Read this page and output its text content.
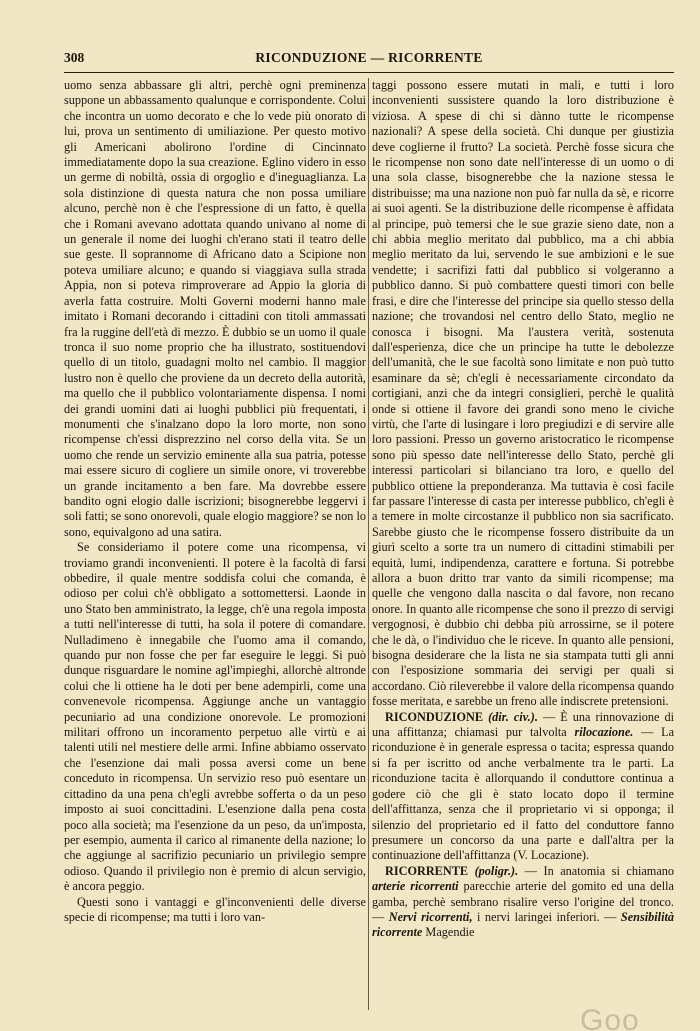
308	RICONDUZIONE — RICORRENTE

uomo senza abbassare gli altri, perchè ogni preminenza suppone un abbassamento qualunque e corrispondente. Colui che incontra un uomo decorato e che lo vede più onorato di lui, prova un sentimento di umiliazione. Per questo motivo gli Americani abolirono l'ordine di Cincinnato immediatamente dopo la sua creazione. Eglino videro in esso un germe di nobiltà, ossia di orgoglio e d'ineguaglianza. La sola distinzione di questa natura che non possa umiliare alcuno, perchè non è che l'espressione di un fatto, è quella che i Romani avevano adottata quando univano al nome di un generale il nome dei luoghi ch'erano stati il teatro delle sue geste. Il soprannome di Africano dato a Scipione non poteva umiliare alcuno; e quando si viaggiava sulla strada Appia, non si poteva rimproverare ad Appio la gloria di averla fatta costruire. Molti Governi moderni hanno male imitato i Romani decorando i cittadini con titoli ammassati fra la ruggine dell'età di mezzo. È dubbio se un uomo il quale tronca il suo nome proprio che ha illustrato, sostituendovi quello di un titolo, guadagni molto nel cambio. Il maggior lustro non è quello che proviene da un decreto della autorità, ma quello che il pubblico volontariamente dispensa. I nomi dei grandi uomini dati ai luoghi pubblici più frequentati, i monumenti che s'inalzano dopo la loro morte, non sono ricompense ch'essi disprezzino nel corso della vita. Se un uomo che rende un servizio eminente alla sua patria, potesse mai essere sicuro di cogliere un simile onore, vi troverebbe un grande incitamento a ben fare. Ma dovrebbe essere bandito ogni elogio dalle iscrizioni; bisognerebbe leggervi i soli fatti; se sono onorevoli, quale elogio maggiore? se non lo sono, equivalgono ad una satira.

Se consideriamo il potere come una ricompensa, vi troviamo grandi inconvenienti. Il potere è la facoltà di farsi obbedire, il quale mentre soddisfa colui che comanda, è odioso per colui ch'è obbligato a sottomettersi. Laonde in uno Stato ben amministrato, la legge, ch'è una regola imposta a tutti nell'interesse di tutti, ha sola il potere di comandare. Nulladimeno è innegabile che l'uomo ama il comando, quando pur non fosse che per far eseguire le leggi. Si può dunque risguardare le nomine agl'impieghi, allorchè altronde colui che li ottiene ha le doti per bene adempirli, come una convenevole ricompensa. Aggiunge anche un vantaggio pecuniario ad una condizione onorevole. Le promozioni militari offrono un incoramento perpetuo alle virtù e ai talenti utili nel mestiere delle armi. Infine abbiamo osservato che l'esenzione dai mali possa aversi come un bene conceduto in ricompensa. Un servizio reso può esentare un cittadino da una pena ch'egli avrebbe sofferta o da un peso imposto ai suoi concittadini. L'esenzione dalla pena costa poco alla società; ma l'esenzione da un peso, da un'imposta, per esempio, aumenta il carico al rimanente della nazione; lo che aggiunge al sacrifizio pecuniario un privilegio sempre odioso. Quando il privilegio non è premio di alcun servigio, è ancora peggio.

Questi sono i vantaggi e gl'inconvenienti delle diverse specie di ricompense; ma tutti i loro van-

taggi possono essere mutati in mali, e tutti i loro inconvenienti sussistere quando la loro distribuzione è viziosa. A spese di chi si dànno tutte le ricompense nazionali? A spese della società. Chi dunque per giustizia deve coglierne il frutto? La società. Perchè fosse sicura che le ricompense non sono date nell'interesse di un uomo o di una sola classe, bisognerebbe che la nazione stessa le distribuisse; ma una nazione non può far nulla da sè, e ricorre ai suoi agenti. Se la distribuzione delle ricompense è affidata al principe, può temersi che le sue grazie sieno date, non a chi abbia meglio meritato dal pubblico, ma a chi abbia meglio meritato da lui, servendo le sue ambizioni e le sue vendette; i sacrifizi fatti dal pubblico si volgeranno a pubblico danno. Si può combattere questi timori con belle frasi, e dire che l'interesse del principe sia quello stesso della nazione; che trovandosi nel centro dello Stato, meglio ne conosca i bisogni. Ma l'austera verità, sostenuta dall'esperienza, dice che un principe ha tutte le debolezze dell'umanità, che le sue facoltà sono limitate e non può tutto esaminare da sè; ch'egli è necessariamente circondato da cortigiani, anzi che da integri consiglieri, perchè le qualità onde si ottiene il favore dei grandi sono meno le civiche virtù, che l'arte di lusingare i loro pregiudizi e di servire alle loro passioni. Presso un governo aristocratico le ricompense sono più spesso date nell'interesse dello Stato, perchè gli interessi particolari si bilanciano tra loro, e quello del pubblico ottiene la preponderanza. Ma tuttavia è così facile far passare l'interesse di casta per interesse pubblico, ch'egli è a temere in molte circostanze il pubblico non sia sacrificato. Sarebbe giusto che le ricompense fossero distribuite da un giurì scelto a sorte tra un numero di cittadini stimabili per equità, lumi, indipendenza, carattere e fortuna. Si potrebbe allora a buon dritto trar vanto da simili ricompense; ma quelle che vengono dalla nascita o dal favore, non recano onore. In quanto alle ricompense che sono il prezzo di servigi vergognosi, è dubbio chi debba più arrossirne, se il potere che le dà, o l'individuo che le riceve. In quanto alle pensioni, bisogna desiderare che la lista ne sia stampata tutti gli anni con l'esposizione sommaria dei servigi per quali si accordano. Ciò rileverebbe il valore della ricompensa quando fosse meritata, e sarebbe un freno alle indiscrete pretensioni.

RICONDUZIONE (dir. civ.). — È una rinnovazione di una affittanza; chiamasi pur talvolta rilocazione. — La riconduzione è in generale espressa o tacita; espressa quando si fa per iscritto od anche verbalmente tra le parti. La riconduzione tacita è allorquando il conduttore continua a godere ciò che gli è stato locato dopo il termine dell'affittanza, senza che il proprietario vi si opponga; il silenzio del proprietario ed il fatto del conduttore fanno presumere un concorso da una parte e dall'altra per la continuazione dell'affittanza (V. Locazione).

RICORRENTE (poligr.). — In anatomia si chiamano arterie ricorrenti parecchie arterie del gomito ed una della gamba, perchè sembrano risalire verso l'origine del tronco. — Nervi ricorrenti, i nervi laringei inferiori. — Sensibilità ricorrente Magendie

Goo
